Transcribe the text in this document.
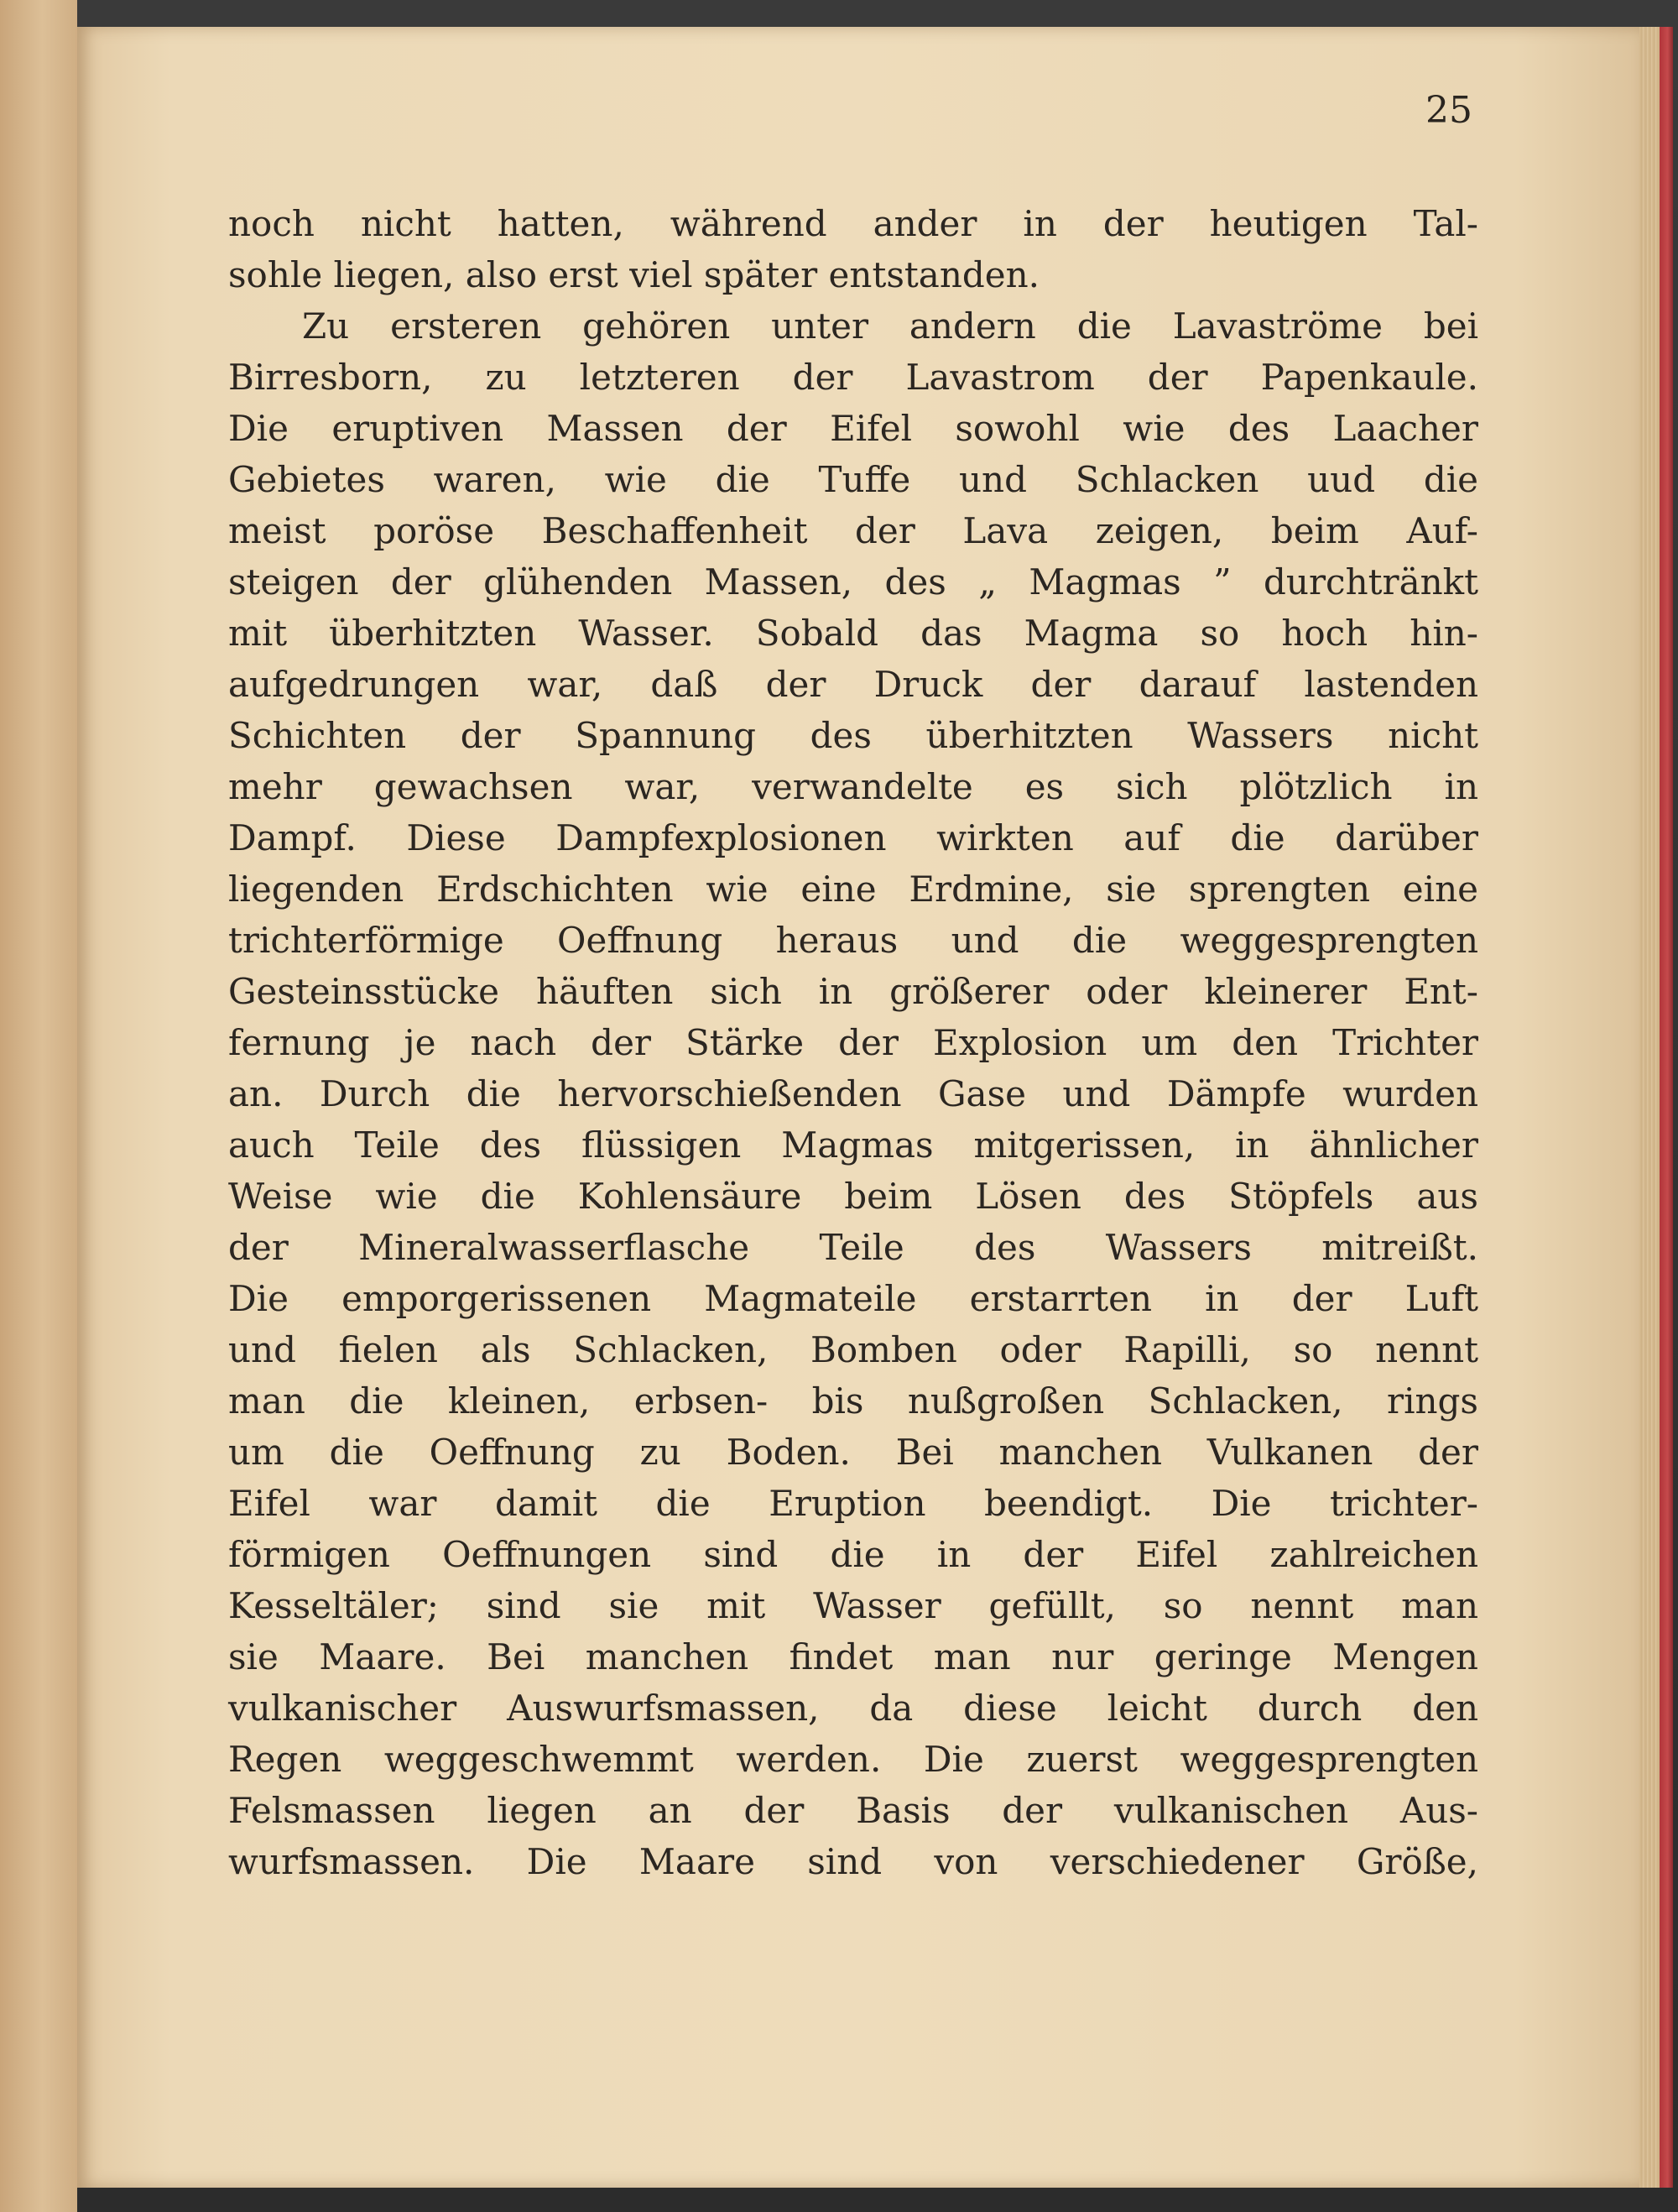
25
noch nicht hatten, während ander in der heutigen Tal-
sohle liegen, also erst viel später entstanden.
Zu ersteren gehören unter andern die Lavaströme bei
Birresborn, zu letzteren der Lavastrom der Papenkaule.
Die eruptiven Massen der Eifel sowohl wie des Laacher
Gebietes waren, wie die Tuffe und Schlacken uud die
meist poröse Beschaffenheit der Lava zeigen, beim Auf-
steigen der glühenden Massen, des „ Magmas ” durchtränkt
mit überhitzten Wasser. Sobald das Magma so hoch hin-
aufgedrungen war, daß der Druck der darauf lastenden
Schichten der Spannung des überhitzten Wassers nicht
mehr gewachsen war, verwandelte es sich plötzlich in
Dampf. Diese Dampfexplosionen wirkten auf die darüber
liegenden Erdschichten wie eine Erdmine, sie sprengten eine
trichterförmige Oeffnung heraus und die weggesprengten
Gesteinsstücke häuften sich in größerer oder kleinerer Ent-
fernung je nach der Stärke der Explosion um den Trichter
an. Durch die hervorschießenden Gase und Dämpfe wurden
auch Teile des flüssigen Magmas mitgerissen, in ähnlicher
Weise wie die Kohlensäure beim Lösen des Stöpfels aus
der Mineralwasserflasche Teile des Wassers mitreißt.
Die emporgerissenen Magmateile erstarrten in der Luft
und fielen als Schlacken, Bomben oder Rapilli, so nennt
man die kleinen, erbsen- bis nußgroßen Schlacken, rings
um die Oeffnung zu Boden. Bei manchen Vulkanen der
Eifel war damit die Eruption beendigt. Die trichter-
förmigen Oeffnungen sind die in der Eifel zahlreichen
Kesseltäler; sind sie mit Wasser gefüllt, so nennt man
sie Maare. Bei manchen findet man nur geringe Mengen
vulkanischer Auswurfsmassen, da diese leicht durch den
Regen weggeschwemmt werden. Die zuerst weggesprengten
Felsmassen liegen an der Basis der vulkanischen Aus-
wurfsmassen. Die Maare sind von verschiedener Größe,
